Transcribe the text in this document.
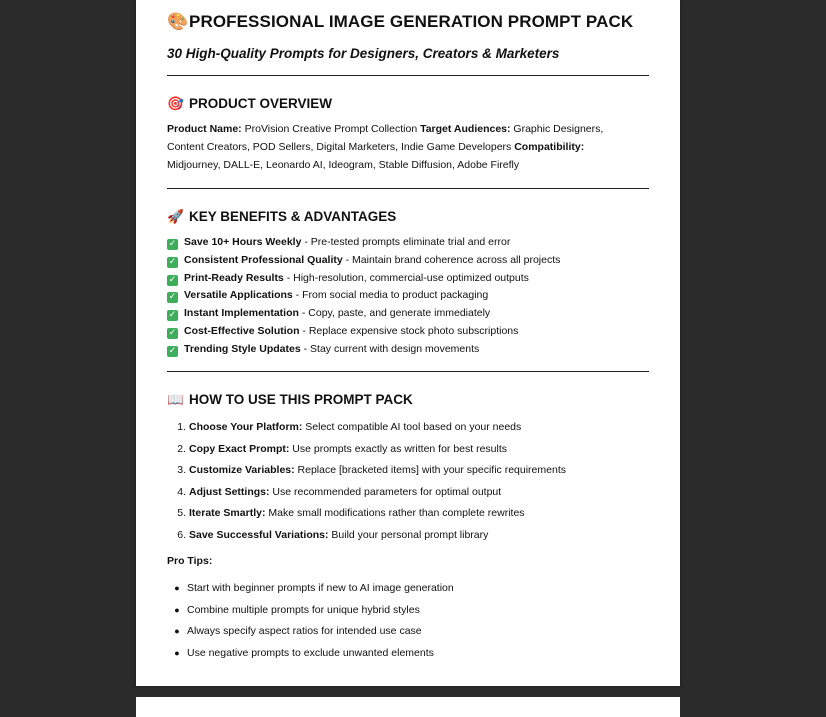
🎨PROFESSIONAL IMAGE GENERATION PROMPT PACK
30 High-Quality Prompts for Designers, Creators & Marketers
🎯 PRODUCT OVERVIEW
Product Name: ProVision Creative Prompt Collection Target Audiences: Graphic Designers, Content Creators, POD Sellers, Digital Marketers, Indie Game Developers Compatibility: Midjourney, DALL-E, Leonardo AI, Ideogram, Stable Diffusion, Adobe Firefly
🚀 KEY BENEFITS & ADVANTAGES
✓ Save 10+ Hours Weekly - Pre-tested prompts eliminate trial and error
✓ Consistent Professional Quality - Maintain brand coherence across all projects
✓ Print-Ready Results - High-resolution, commercial-use optimized outputs
✓ Versatile Applications - From social media to product packaging
✓ Instant Implementation - Copy, paste, and generate immediately
✓ Cost-Effective Solution - Replace expensive stock photo subscriptions
✓ Trending Style Updates - Stay current with design movements
📖 HOW TO USE THIS PROMPT PACK
1. Choose Your Platform: Select compatible AI tool based on your needs
2. Copy Exact Prompt: Use prompts exactly as written for best results
3. Customize Variables: Replace [bracketed items] with your specific requirements
4. Adjust Settings: Use recommended parameters for optimal output
5. Iterate Smartly: Make small modifications rather than complete rewrites
6. Save Successful Variations: Build your personal prompt library
Pro Tips:
● Start with beginner prompts if new to AI image generation
● Combine multiple prompts for unique hybrid styles
● Always specify aspect ratios for intended use case
● Use negative prompts to exclude unwanted elements
